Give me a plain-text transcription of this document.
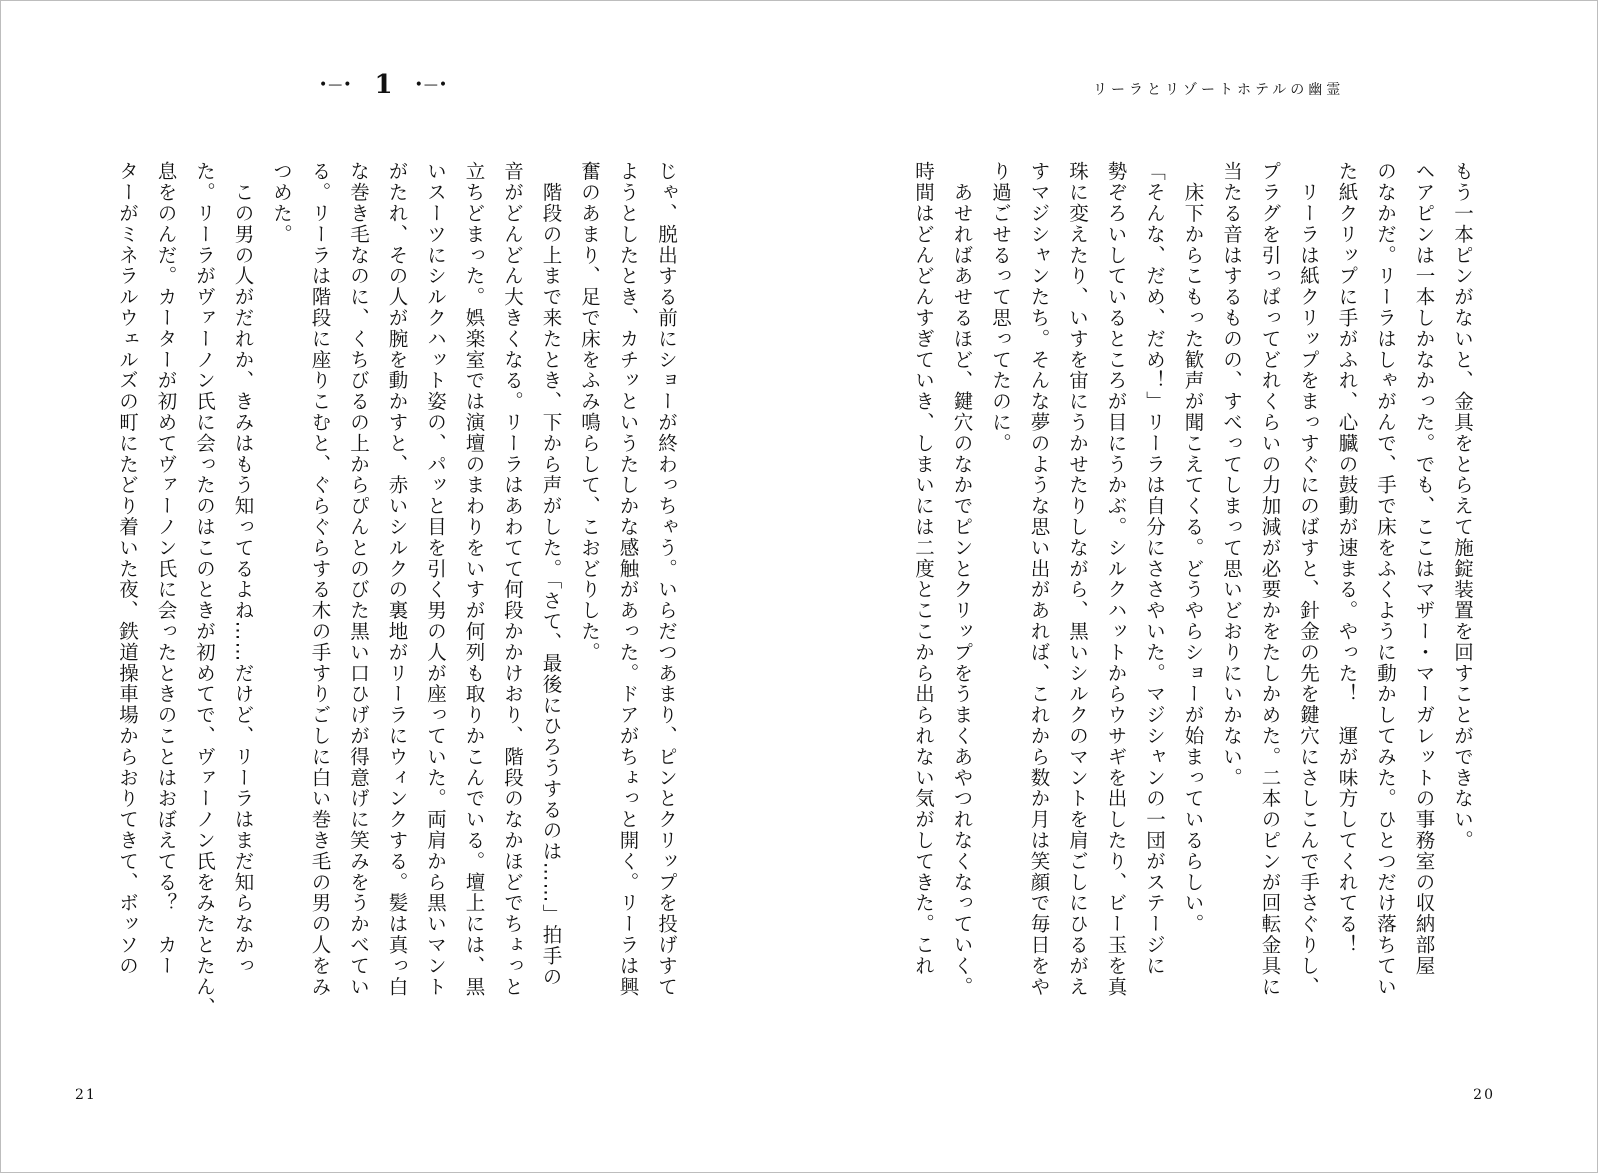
•—• 1 •—•	リーラとリゾートホテルの幽霊
もう一本ピンがないと、金具をとらえて施錠装置を回すことができない。
ヘアピンは一本しかなかった。でも、ここはマザー・マーガレットの事務室の収納部屋
のなかだ。リーラはしゃがんで、手で床をふくように動かしてみた。ひとつだけ落ちてい
た紙クリップに手がふれ、心臓の鼓動が速まる。やった！　運が味方してくれてる！
　リーラは紙クリップをまっすぐにのばすと、針金の先を鍵穴にさしこんで手さぐりし、
プラグを引っぱってどれくらいの力加減が必要かをたしかめた。二本のピンが回転金具に
当たる音はするものの、すべってしまって思いどおりにいかない。
　床下からこもった歓声が聞こえてくる。どうやらショーが始まっているらしい。
「そんな、だめ、だめ！」リーラは自分にささやいた。マジシャンの一団がステージに
勢ぞろいしているところが目にうかぶ。シルクハットからウサギを出したり、ビー玉を真
珠に変えたり、いすを宙にうかせたりしながら、黒いシルクのマントを肩ごしにひるがえ
すマジシャンたち。そんな夢のような思い出があれば、これから数か月は笑顔で毎日をや
り過ごせるって思ってたのに。
　あせればあせるほど、鍵穴のなかでピンとクリップをうまくあやつれなくなっていく。
時間はどんどんすぎていき、しまいには二度とここから出られない気がしてきた。これ
じゃ、脱出する前にショーが終わっちゃう。いらだつあまり、ピンとクリップを投げすて
ようとしたとき、カチッというたしかな感触があった。ドアがちょっと開く。リーラは興
奮のあまり、足で床をふみ鳴らして、こおどりした。
　階段の上まで来たとき、下から声がした。「さて、最後にひろうするのは……」拍手の
音がどんどん大きくなる。リーラはあわてて何段かかけおり、階段のなかほどでちょっと
立ちどまった。娯楽室では演壇のまわりをいすが何列も取りかこんでいる。壇上には、黒
いスーツにシルクハット姿の、パッと目を引く男の人が座っていた。両肩から黒いマント
がたれ、その人が腕を動かすと、赤いシルクの裏地がリーラにウィンクする。髪は真っ白
な巻き毛なのに、くちびるの上からぴんとのびた黒い口ひげが得意げに笑みをうかべてい
る。リーラは階段に座りこむと、ぐらぐらする木の手すりごしに白い巻き毛の男の人をみ
つめた。
　この男の人がだれか、きみはもう知ってるよね……だけど、リーラはまだ知らなかっ
た。リーラがヴァーノン氏に会ったのはこのときが初めてで、ヴァーノン氏をみたとたん、
息をのんだ。カーターが初めてヴァーノン氏に会ったときのことはおぼえてる？　カー
ターがミネラルウェルズの町にたどり着いた夜、鉄道操車場からおりてきて、ボッソの
21	20
